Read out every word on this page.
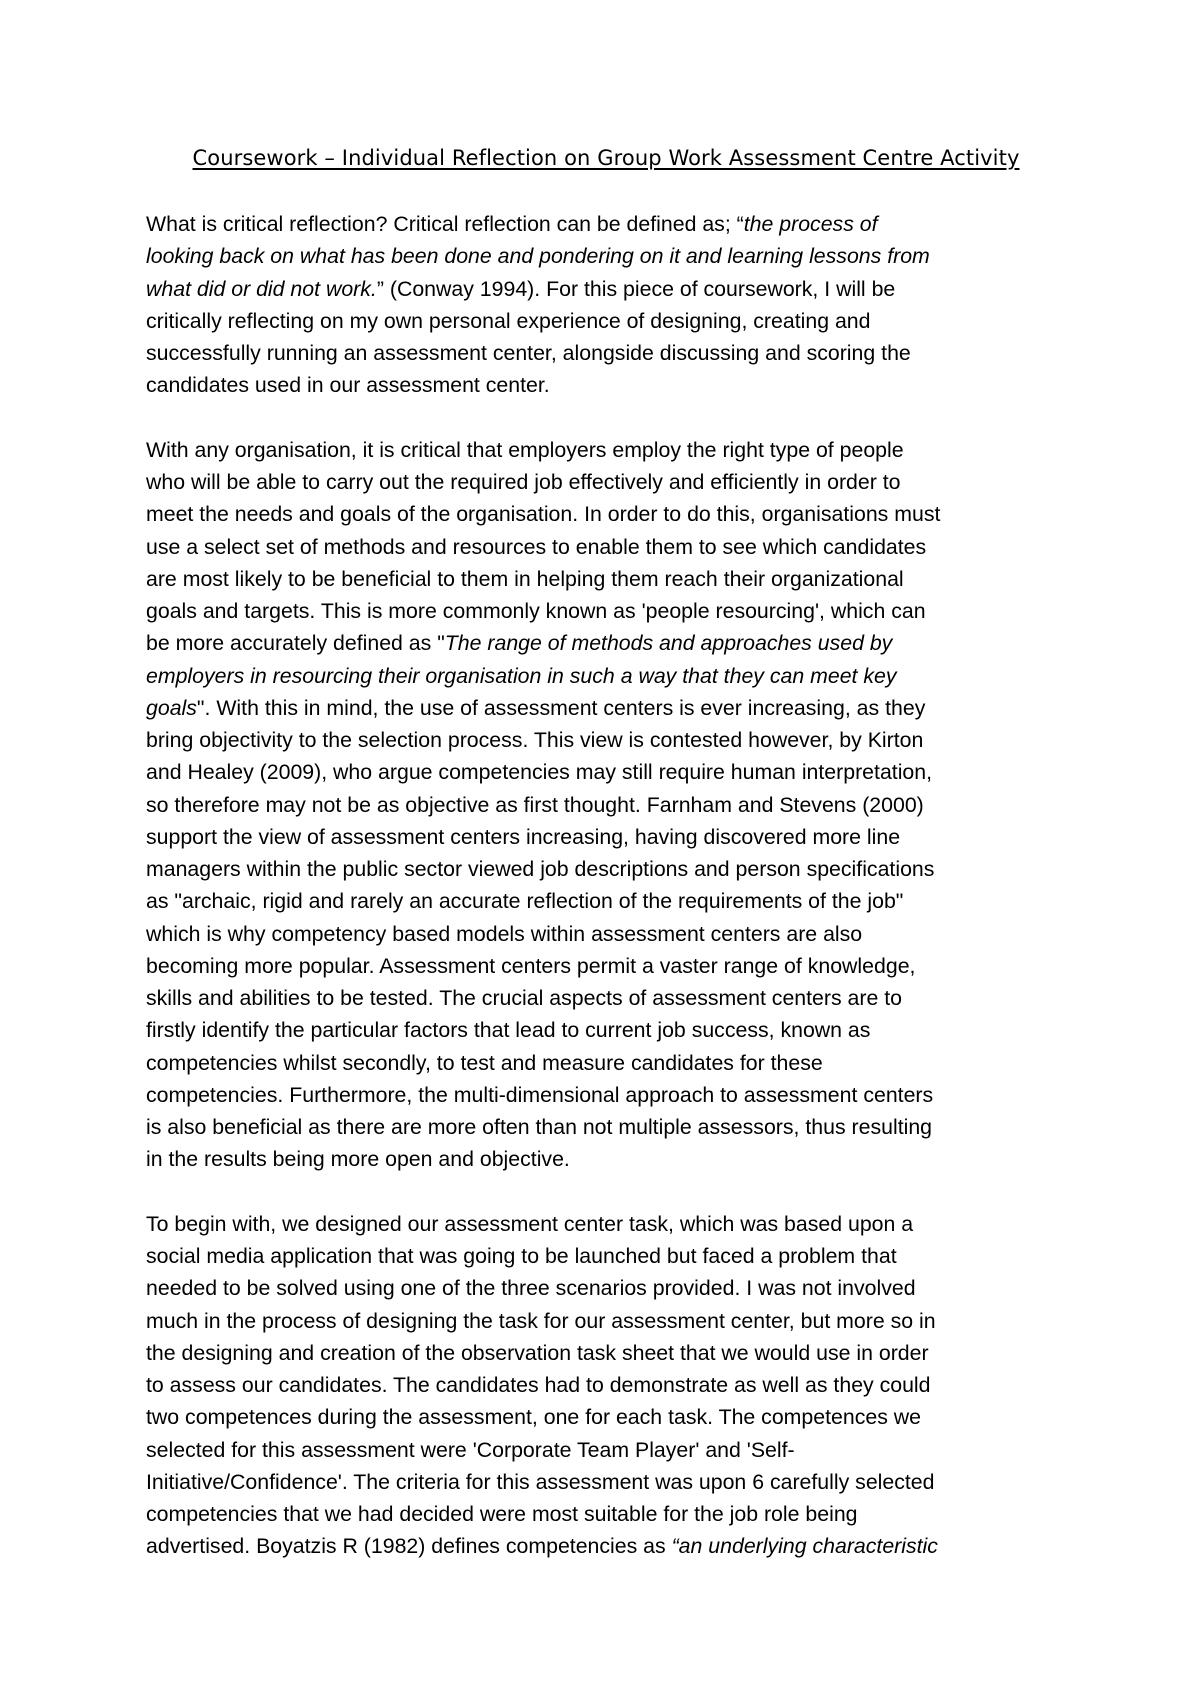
Coursework – Individual Reflection on Group Work Assessment Centre Activity

What is critical reflection? Critical reflection can be defined as; “the process of
looking back on what has been done and pondering on it and learning lessons from
what did or did not work.” (Conway 1994). For this piece of coursework, I will be
critically reflecting on my own personal experience of designing, creating and
successfully running an assessment center, alongside discussing and scoring the
candidates used in our assessment center.

With any organisation, it is critical that employers employ the right type of people
who will be able to carry out the required job effectively and efficiently in order to
meet the needs and goals of the organisation. In order to do this, organisations must
use a select set of methods and resources to enable them to see which candidates
are most likely to be beneficial to them in helping them reach their organizational
goals and targets. This is more commonly known as 'people resourcing', which can
be more accurately defined as "The range of methods and approaches used by
employers in resourcing their organisation in such a way that they can meet key
goals". With this in mind, the use of assessment centers is ever increasing, as they
bring objectivity to the selection process. This view is contested however, by Kirton
and Healey (2009), who argue competencies may still require human interpretation,
so therefore may not be as objective as first thought. Farnham and Stevens (2000)
support the view of assessment centers increasing, having discovered more line
managers within the public sector viewed job descriptions and person specifications
as "archaic, rigid and rarely an accurate reflection of the requirements of the job"
which is why competency based models within assessment centers are also
becoming more popular. Assessment centers permit a vaster range of knowledge,
skills and abilities to be tested. The crucial aspects of assessment centers are to
firstly identify the particular factors that lead to current job success, known as
competencies whilst secondly, to test and measure candidates for these
competencies. Furthermore, the multi-dimensional approach to assessment centers
is also beneficial as there are more often than not multiple assessors, thus resulting
in the results being more open and objective.

To begin with, we designed our assessment center task, which was based upon a
social media application that was going to be launched but faced a problem that
needed to be solved using one of the three scenarios provided. I was not involved
much in the process of designing the task for our assessment center, but more so in
the designing and creation of the observation task sheet that we would use in order
to assess our candidates. The candidates had to demonstrate as well as they could
two competences during the assessment, one for each task. The competences we
selected for this assessment were 'Corporate Team Player' and 'Self-
Initiative/Confidence'. The criteria for this assessment was upon 6 carefully selected
competencies that we had decided were most suitable for the job role being
advertised. Boyatzis R (1982) defines competencies as “an underlying characteristic
